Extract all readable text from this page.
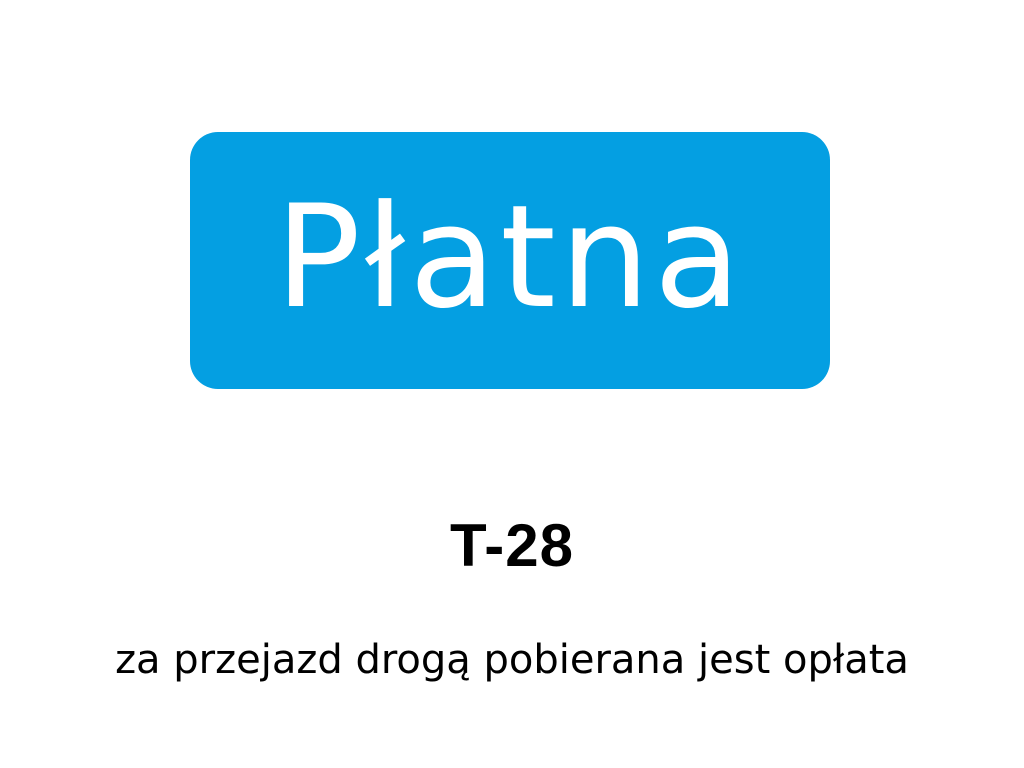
Płatna
T-28
za przejazd drogą pobierana jest opłata
